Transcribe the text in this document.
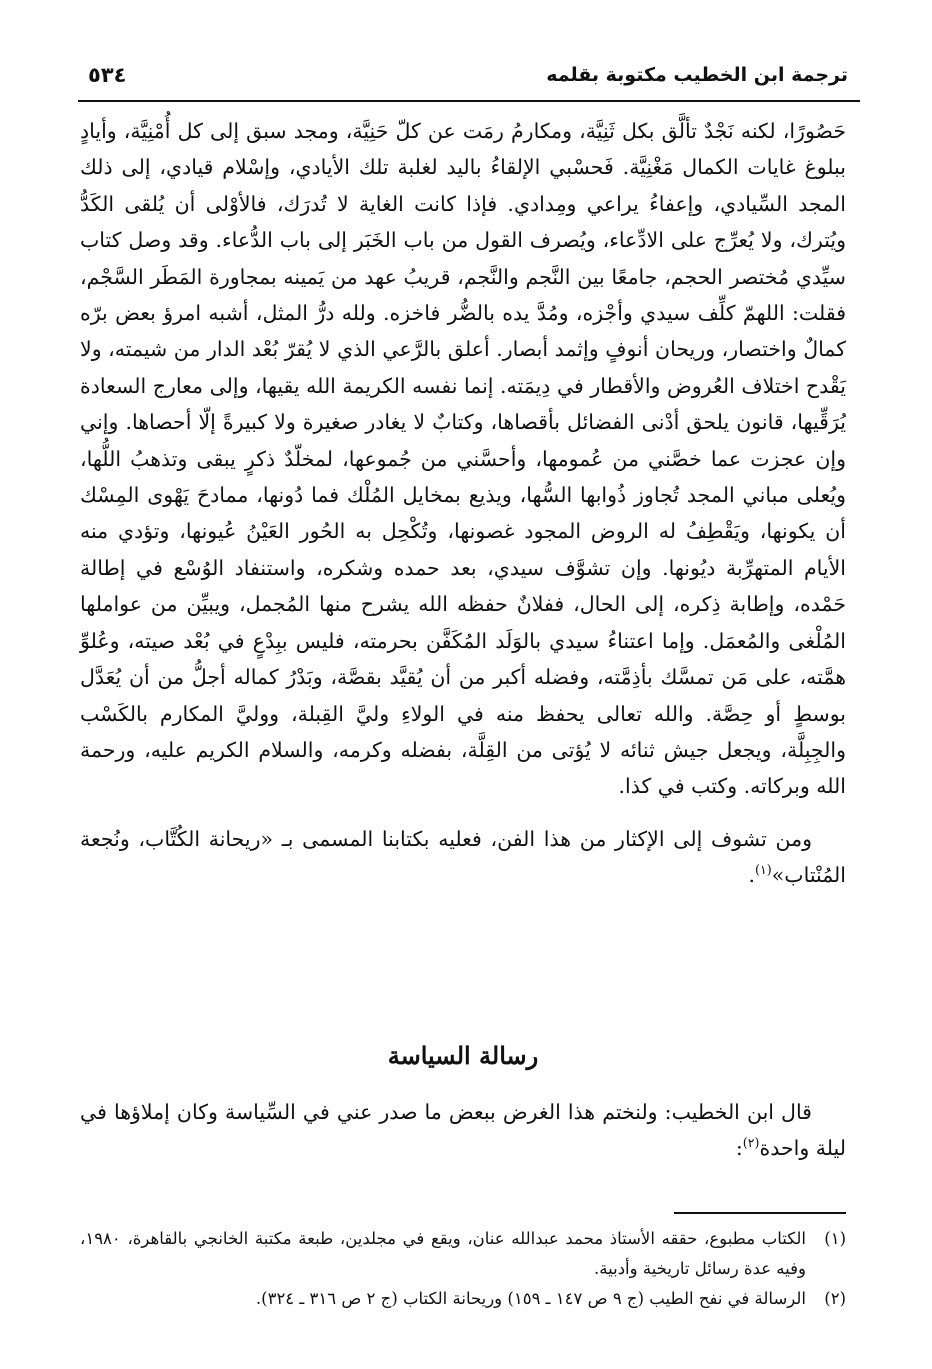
ترجمة ابن الخطيب مكتوبة بقلمه
٥٣٤

حَصُورًا، لكنه نَجْدٌ تألَّق بكل ثَنِيَّة، ومكارمُ رمَت عن كلّ حَنِيَّة، ومجد سبق إلى كل أُمْنِيَّة، وأيادٍ ببلوغ غايات الكمال مَغْنِيَّة. فَحسْبي الإلقاءُ باليد لغلبة تلك الأيادي، وإسْلام قيادي، إلى ذلك المجد السِّيادي، وإعفاءُ يراعي ومِدادي. فإذا كانت الغاية لا تُدرَك، فالأوْلى أن يُلقى الكَدُّ ويُترك، ولا يُعرِّج على الادِّعاء، ويُصرف القول من باب الخَبَر إلى باب الدُّعاء. وقد وصل كتاب سيِّدي مُختصر الحجم، جامعًا بين النَّجم والنَّجم، قريبُ عهد من يَمينه بمجاورة المَطَر السَّجْم، فقلت: اللهمّ كلِّف سيدي وأجْزه، ومُدَّ يده بالضُّر فاخزه. ولله درُّ المثل، أشبه امرؤ بعض برّه كمالٌ واختصار، وريحان أنوفٍ وإثمد أبصار. أعلق بالرَّعي الذي لا يُقرّ بُعْد الدار من شيمته، ولا يَقْدح اختلاف العُروض والأقطار في دِيمَته. إنما نفسه الكريمة الله يقيها، وإلى معارج السعادة يُرَقِّيها، قانون يلحق أدْنى الفضائل بأقصاها، وكتابٌ لا يغادر صغيرة ولا كبيرةً إلّا أحصاها. وإني وإن عجزت عما خصَّني من عُمومها، وأحسَّني من جُموعها، لمخلّدٌ ذكرٍ يبقى وتذهبُ اللُّها، ويُعلى مباني المجد تُجاوز ذُوابها السُّها، ويذيع بمخايل المُلْك فما دُونها، ممادحَ يَهْوى المِسْك أن يكونها، ويَقْطِفُ له الروض المجود غصونها، وتُكْحِل به الحُور العَيْنُ عُيونها، وتؤدي منه الأيام المتهرِّبة ديُونها. وإن تشوَّف سيدي، بعد حمده وشكره، واستنفاد الوُسْع في إطالة حَمْده، وإطابة ذِكره، إلى الحال، ففلانٌ حفظه الله يشرح منها المُجمل، ويبيِّن من عواملها المُلْغى والمُعمَل. وإما اعتناءُ سيدي بالوَلَد المُكَفَّن بحرمته، فليس ببِدْعٍ في بُعْد صيته، وعُلوِّ همَّته، على مَن تمسَّك بأذِمَّته، وفضله أكبر من أن يُقيَّد بقصَّة، وبَدْرُ كماله أجلُّ من أن يُعَدَّل بوسطٍ أو حِصَّة. والله تعالى يحفظ منه في الولاءِ وليَّ القِبلة، ووليَّ المكارم بالكَسْب والجِبِلَّة، ويجعل جيش ثنائه لا يُؤتى من القِلَّة، بفضله وكرمه، والسلام الكريم عليه، ورحمة الله وبركاته. وكتب في كذا.

ومن تشوف إلى الإكثار من هذا الفن، فعليه بكتابنا المسمى بـ «ريحانة الكُتَّاب، ونُجعة المُنْتاب»$^{(١)}$.

رسالة السياسة

قال ابن الخطيب: ولنختم هذا الغرض ببعض ما صدر عني في السِّياسة وكان إملاؤها في ليلة واحدة$^{(٢)}$:

(١)
الكتاب مطبوع، حققه الأستاذ محمد عبدالله عنان، ويقع في مجلدين، طبعة مكتبة الخانجي بالقاهرة، ١٩٨٠، وفيه عدة رسائل تاريخية وأدبية.

(٢)
الرسالة في نفح الطيب (ج ٩ ص ١٤٧ ـ ١٥٩) وريحانة الكتاب (ج ٢ ص ٣١٦ ـ ٣٢٤).
